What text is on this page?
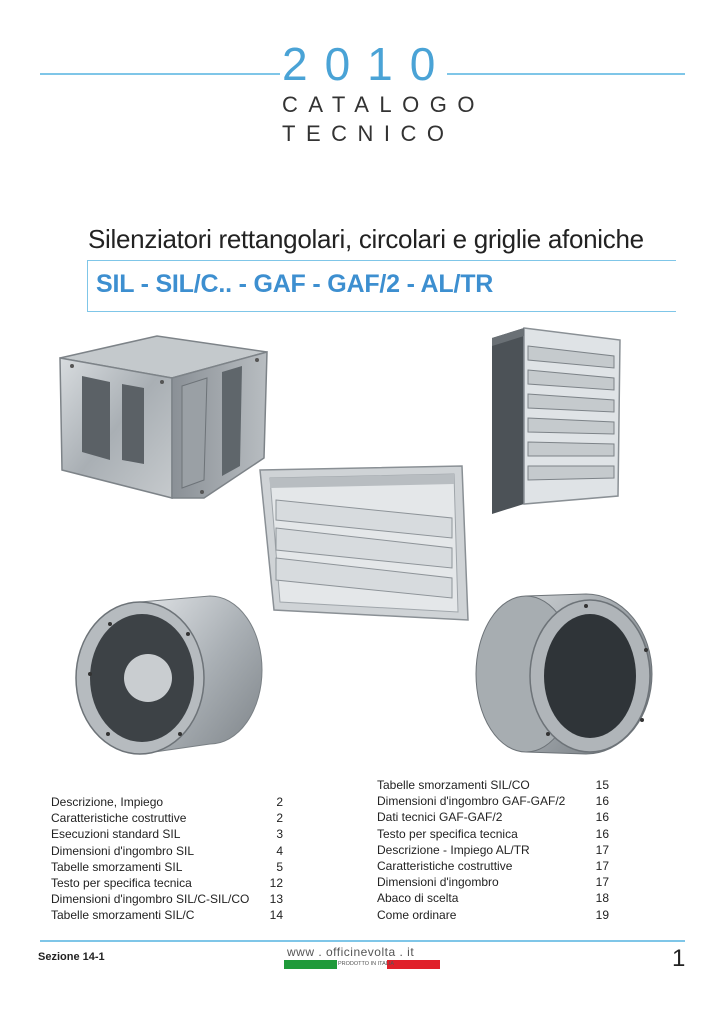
2010
CATALOGO
TECNICO
Silenziatori rettangolari, circolari e griglie afoniche
SIL - SIL/C.. - GAF - GAF/2 - AL/TR
Descrizione, Impiego	2
Caratteristiche costruttive	2
Esecuzioni standard SIL	3
Dimensioni d'ingombro SIL	4
Tabelle smorzamenti SIL	5
Testo per specifica tecnica	12
Dimensioni d'ingombro SIL/C-SIL/CO 13
Tabelle smorzamenti SIL/C	14
Tabelle smorzamenti SIL/CO	15
Dimensioni d'ingombro GAF-GAF/2	16
Dati tecnici GAF-GAF/2	16
Testo per specifica tecnica	16
Descrizione - Impiego AL/TR	17
Caratteristiche costruttive	17
Dimensioni d'ingombro	17
Abaco di scelta	18
Come ordinare	19
Sezione 14-1	www . officinevolta . it
PRODOTTO IN ITALIA	1
